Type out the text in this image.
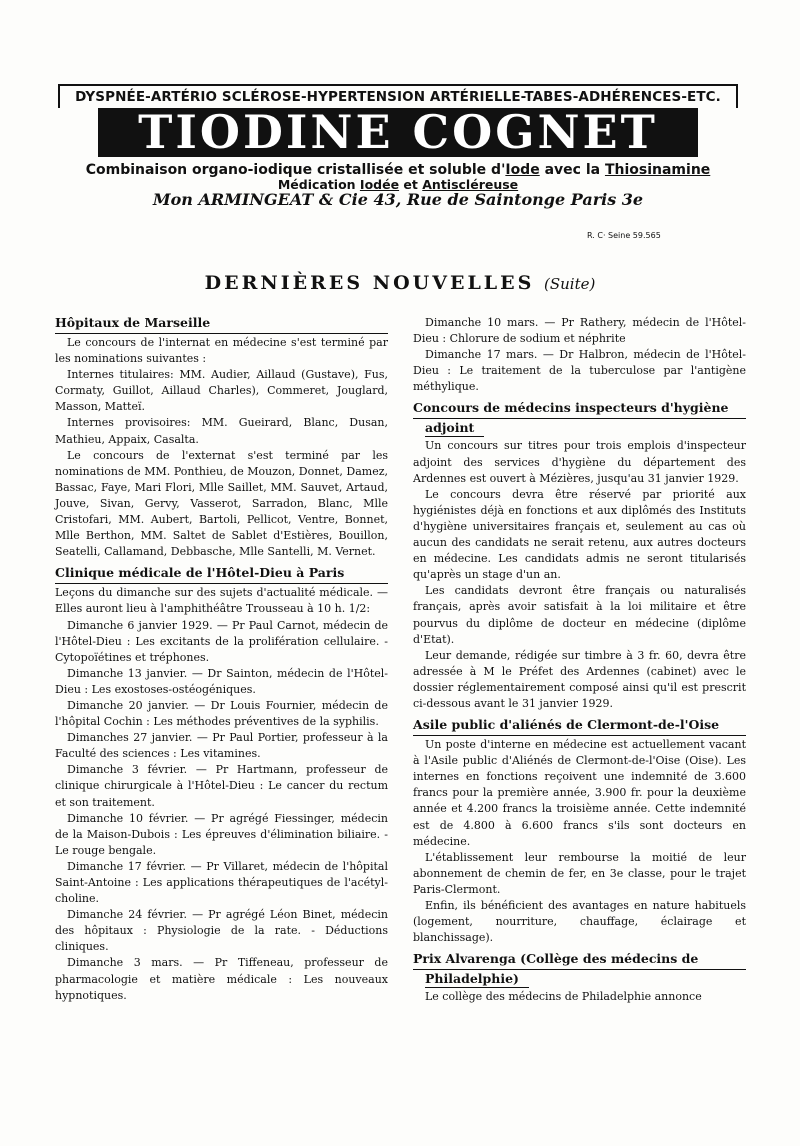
DYSPNÉE-ARTÉRIO SCLÉROSE-HYPERTENSION ARTÉRIELLE-TABES-ADHÉRENCES-ETC.
TIODINE COGNET
Combinaison organo-iodique cristallisée et soluble d'Iode avec la Thiosinamine
Médication Iodée et Antiscléreuse
Mon ARMINGEAT & Cie 43, Rue de Saintonge Paris 3e
R. C· Seine 59.565
DERNIÈRES NOUVELLES (Suite)
Hôpitaux de Marseille

Le concours de l'internat en médecine s'est terminé par les nominations suivantes :

Internes titulaires: MM. Audier, Aillaud (Gustave), Fus, Cormaty, Guillot, Aillaud Charles), Commeret, Jouglard, Masson, Matteï.

Internes provisoires: MM. Gueirard, Blanc, Dusan, Mathieu, Appaix, Casalta.

Le concours de l'externat s'est terminé par les nominations de MM. Ponthieu, de Mouzon, Donnet, Damez, Bassac, Faye, Mari Flori, Mlle Saillet, MM. Sauvet, Artaud, Jouve, Sivan, Gervy, Vasserot, Sarradon, Blanc, Mlle Cristofari, MM. Aubert, Bartoli, Pellicot, Ventre, Bonnet, Mlle Berthon, MM. Saltet de Sablet d'Estières, Bouillon, Seatelli, Callamand, Debbasche, Mlle Santelli, M. Vernet.

Clinique médicale de l'Hôtel-Dieu à Paris

Leçons du dimanche sur des sujets d'actualité médicale. — Elles auront lieu à l'amphithéâtre Trousseau à 10 h. 1/2:

Dimanche 6 janvier 1929. — Pr Paul Carnot, médecin de l'Hôtel-Dieu : Les excitants de la prolifération cellulaire. - Cytopoïétines et tréphones.

Dimanche 13 janvier. — Dr Sainton, médecin de l'Hôtel-Dieu : Les exostoses-ostéogéniques.

Dimanche 20 janvier. — Dr Louis Fournier, médecin de l'hôpital Cochin : Les méthodes préventives de la syphilis.

Dimanches 27 janvier. — Pr Paul Portier, professeur à la Faculté des sciences : Les vitamines.

Dimanche 3 février. — Pr Hartmann, professeur de clinique chirurgicale à l'Hôtel-Dieu : Le cancer du rectum et son traitement.

Dimanche 10 février. — Pr agrégé Fiessinger, médecin de la Maison-Dubois : Les épreuves d'élimination biliaire. - Le rouge bengale.

Dimanche 17 février. — Pr Villaret, médecin de l'hôpital Saint-Antoine : Les applications thérapeutiques de l'acétyl-choline.

Dimanche 24 février. — Pr agrégé Léon Binet, médecin des hôpitaux : Physiologie de la rate. - Déductions cliniques.

Dimanche 3 mars. — Pr Tiffeneau, professeur de pharmacologie et matière médicale : Les nouveaux hypnotiques.

Dimanche 10 mars. — Pr Rathery, médecin de l'Hôtel-Dieu : Chlorure de sodium et néphrite

Dimanche 17 mars. — Dr Halbron, médecin de l'Hôtel-Dieu : Le traitement de la tuberculose par l'antigène méthylique.

Concours de médecins inspecteurs d'hygiène
adjoint

Un concours sur titres pour trois emplois d'inspecteur adjoint des services d'hygiène du département des Ardennes est ouvert à Mézières, jusqu'au 31 janvier 1929.

Le concours devra être réservé par priorité aux hygiénistes déjà en fonctions et aux diplômés des Instituts d'hygiène universitaires français et, seulement au cas où aucun des candidats ne serait retenu, aux autres docteurs en médecine. Les candidats admis ne seront titularisés qu'après un stage d'un an.

Les candidats devront être français ou naturalisés français, après avoir satisfait à la loi militaire et être pourvus du diplôme de docteur en médecine (diplôme d'Etat).

Leur demande, rédigée sur timbre à 3 fr. 60, devra être adressée à M le Préfet des Ardennes (cabinet) avec le dossier réglementairement composé ainsi qu'il est prescrit ci-dessous avant le 31 janvier 1929.

Asile public d'aliénés de Clermont-de-l'Oise

Un poste d'interne en médecine est actuellement vacant à l'Asile public d'Aliénés de Clermont-de-l'Oise (Oise). Les internes en fonctions reçoivent une indemnité de 3.600 francs pour la première année, 3.900 fr. pour la deuxième année et 4.200 francs la troisième année. Cette indemnité est de 4.800 à 6.600 francs s'ils sont docteurs en médecine.

L'établissement leur rembourse la moitié de leur abonnement de chemin de fer, en 3e classe, pour le trajet Paris-Clermont.

Enfin, ils bénéficient des avantages en nature habituels (logement, nourriture, chauffage, éclairage et blanchissage).

Prix Alvarenga (Collège des médecins de
Philadelphie)

Le collège des médecins de Philadelphie annonce
